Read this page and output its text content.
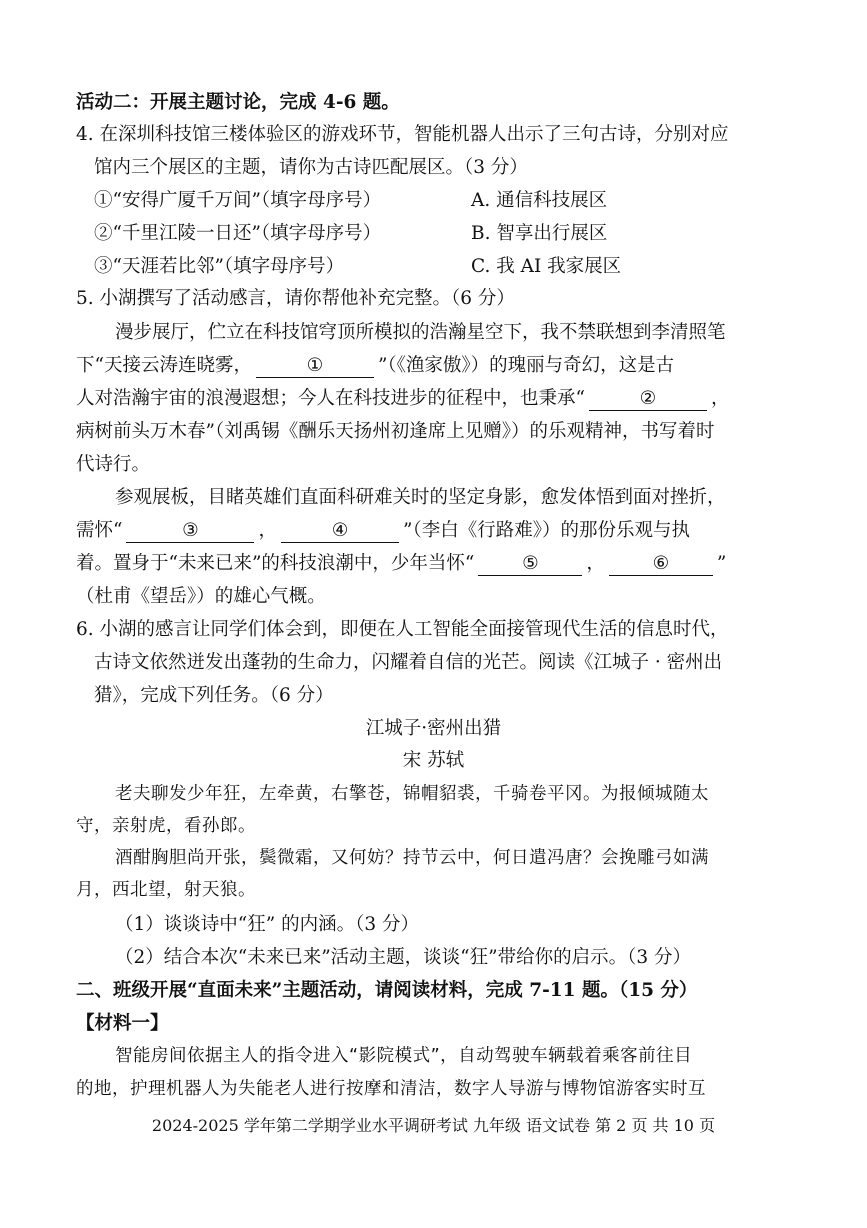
活动二：开展主题讨论，完成 4-6 题。
4. 在深圳科技馆三楼体验区的游戏环节，智能机器人出示了三句古诗，分别对应
馆内三个展区的主题，请你为古诗匹配展区。（3 分）
①“安得广厦千万间”（填字母序号）	A. 通信科技展区
②“千里江陵一日还”（填字母序号）	B. 智享出行展区
③“天涯若比邻”（填字母序号）	C. 我 AI 我家展区
5. 小湖撰写了活动感言，请你帮他补充完整。（6 分）
漫步展厅，伫立在科技馆穹顶所模拟的浩瀚星空下，我不禁联想到李清照笔
下“天接云涛连晓雾，	①	”（《渔家傲》）的瑰丽与奇幻，这是古
人对浩瀚宇宙的浪漫遐想；今人在科技进步的征程中，也秉承“	②	，
病树前头万木春”（刘禹锡《酬乐天扬州初逢席上见赠》）的乐观精神，书写着时
代诗行。
参观展板，目睹英雄们直面科研难关时的坚定身影，愈发体悟到面对挫折，
需怀“	③	，	④	”（李白《行路难》）的那份乐观与执
着。置身于“未来已来”的科技浪潮中，少年当怀“	⑤	，	⑥	”
（杜甫《望岳》）的雄心气概。
6. 小湖的感言让同学们体会到，即便在人工智能全面接管现代生活的信息时代，
古诗文依然迸发出蓬勃的生命力，闪耀着自信的光芒。阅读《江城子 · 密州出
猎》，完成下列任务。（6 分）
江城子·密州出猎
宋 苏轼
老夫聊发少年狂，左牵黄，右擎苍，锦帽貂裘，千骑卷平冈。为报倾城随太
守，亲射虎，看孙郎。
酒酣胸胆尚开张，鬓微霜，又何妨？持节云中，何日遣冯唐？会挽雕弓如满
月，西北望，射天狼。
（1）谈谈诗中“狂” 的内涵。（3 分）
（2）结合本次“未来已来”活动主题，谈谈“狂”带给你的启示。（3 分）
二、班级开展“直面未来”主题活动，请阅读材料，完成 7-11 题。（15 分）
【材料一】
智能房间依据主人的指令进入“影院模式”，自动驾驶车辆载着乘客前往目
的地，护理机器人为失能老人进行按摩和清洁，数字人导游与博物馆游客实时互
2024-2025 学年第二学期学业水平调研考试 九年级 语文试卷 第 2 页 共 10 页
